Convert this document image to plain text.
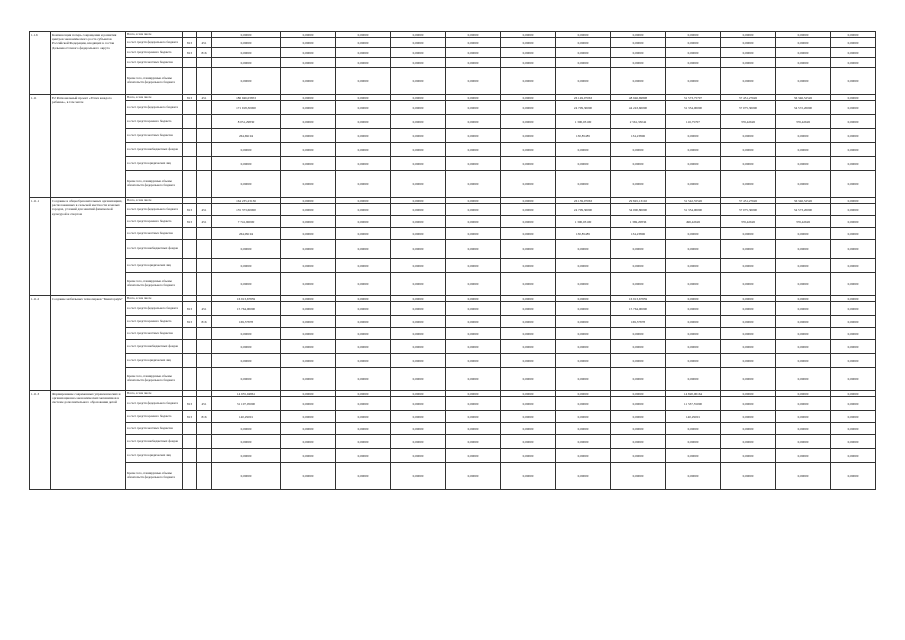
1.1.6	Компенсация потерь сокращения и развития центров экономического роста субъектов Российской Федерации, входящих в состав Дальневосточного федерального округа	Всего, в том числе			0,00000	0,00000	0,00000	0,00000	0,00000	0,00000	0,00000	0,00000	0,00000	0,00000	0,00000	0,00000
		за счет средств федерального бюджета	813	451	0,00000	0,00000	0,00000	0,00000	0,00000	0,00000	0,00000	0,00000	0,00000	0,00000	0,00000	0,00000
		за счет средств краевого бюджета	813	816	0,00000	0,00000	0,00000	0,00000	0,00000	0,00000	0,00000	0,00000	0,00000	0,00000	0,00000	0,00000
		за счет средств местных бюджетов			0,00000	0,00000	0,00000	0,00000	0,00000	0,00000	0,00000	0,00000	0,00000	0,00000	0,00000	0,00000
		Кроме того, планируемые объемы обязательств федерального бюджета			0,00000	0,00000	0,00000	0,00000	0,00000	0,00000	0,00000	0,00000	0,00000	0,00000	0,00000	0,00000
1.11	E2 Региональный проект «Успех каждого ребенка», в том числе	Всего, в том числе	813	451	186 946,03853	0,00000	0,00000	0,00000	0,00000	0,00000	26 149,07063	48 946,69808	31 573,75707	37 451,27626	36 346,52526	0,00000
		за счет средств федерального бюджета			171 918,30000	0,00000	0,00000	0,00000	0,00000	0,00000	24 709,30000	44 243,60000	31 354,00000	37 075,30000	34 572,20000	0,00000
		за счет средств краевого бюджета			8 051,29830	0,00000	0,00000	0,00000	0,00000	0,00000	1 300,03100	2 561,33042	116,75707	376,42626	376,42626	0,00000
		за счет средств местных бюджетов			264,69194	0,00000	0,00000	0,00000	0,00000	0,00000	130,85485	134,23806	0,00000	0,00000	0,00000	0,00000
		за счет средств внебюджетных фондов			0,00000	0,00000	0,00000	0,00000	0,00000	0,00000	0,00000	0,00000	0,00000	0,00000	0,00000	0,00000
		за счет средств юридических лиц			0,00000	0,00000	0,00000	0,00000	0,00000	0,00000	0,00000	0,00000	0,00000	0,00000	0,00000	0,00000
		Кроме того, планируемые объемы обязательств федерального бюджета			0,00000	0,00000	0,00000	0,00000	0,00000	0,00000	0,00000	0,00000	0,00000	0,00000	0,00000	0,00000
1.11.1	Создание в общеобразовательных организациях, расположенных в сельской местности и малых городах, условий для занятий физической культурой и спортом	Всего, в том числе			164 235,23136	0,00000	0,00000	0,00000	0,00000	0,00000	26 139,07063	29 845,13102	31 542,55526	37 451,27626	36 346,52526	0,00000
		за счет средств федерального бюджета	813	451	155 373,60000	0,00000	0,00000	0,00000	0,00000	0,00000	24 709,30000	34 000,80000	31 354,00000	37 075,30000	34 573,20000	0,00000
		за счет средств краевого бюджета	813	451	7 741,90000	0,00000	0,00000	0,00000	0,00000	0,00000	1 300,03100	1 369,20836	496,42626	376,42626	376,42626	0,00000
		за счет средств местных бюджетов			264,09194	0,00000	0,00000	0,00000	0,00000	0,00000	130,85485	134,23806	0,00000	0,00000	0,00000	0,00000
		за счет средств внебюджетных фондов			0,00000	0,00000	0,00000	0,00000	0,00000	0,00000	0,00000	0,00000	0,00000	0,00000	0,00000	0,00000
		за счет средств юридических лиц			0,00000	0,00000	0,00000	0,00000	0,00000	0,00000	0,00000	0,00000	0,00000	0,00000	0,00000	0,00000
		Кроме того, планируемые объемы обязательств федерального бюджета			0,00000	0,00000	0,00000	0,00000	0,00000	0,00000	0,00000	0,00000	0,00000	0,00000	0,00000	0,00000
1.11.2	Создание мобильных технопарков "Кванториум"	Всего, в том числе			16 913,67859	0,00000	0,00000	0,00000	0,00000	0,00000	0,00000	16 913,67859	0,00000	0,00000	0,00000	0,00000
		за счет средств федерального бюджета	813	451	15 764,00000	0,00000	0,00000	0,00000	0,00000	0,00000	0,00000	15 764,00000	0,00000	0,00000	0,00000	0,00000
		за счет средств краевого бюджета	813	816	169,37878	0,00000	0,00000	0,00000	0,00000	0,00000	0,00000	169,37878	0,00000	0,00000	0,00000	0,00000
		за счет средств местных бюджетов			0,00000	0,00000	0,00000	0,00000	0,00000	0,00000	0,00000	0,00000	0,00000	0,00000	0,00000	0,00000
		за счет средств внебюджетных фондов			0,00000	0,00000	0,00000	0,00000	0,00000	0,00000	0,00000	0,00000	0,00000	0,00000	0,00000	0,00000
		за счет средств юридических лиц			0,00000	0,00000	0,00000	0,00000	0,00000	0,00000	0,00000	0,00000	0,00000	0,00000	0,00000	0,00000
		Кроме того, планируемые объемы обязательств федерального бюджета			0,00000	0,00000	0,00000	0,00000	0,00000	0,00000	0,00000	0,00000	0,00000	0,00000	0,00000	0,00000
1.11.3	Формирование современных управленческих и организационно-экономических механизмов в системе дополнительного образования детей	Всего, в том числе			14 955,04861	0,00000	0,00000	0,00000	0,00000	0,00000	0,00000	0,00000	14 820,00164	0,00000	0,00000	0,00000
		за счет средств федерального бюджета	813	451	31 107,05000	0,00000	0,00000	0,00000	0,00000	0,00000	0,00000	0,00000	11 537,55000	0,00000	0,00000	0,00000
		за счет средств краевого бюджета	813	816	140,29001	0,00000	0,00000	0,00000	0,00000	0,00000	0,00000	0,00000	140,29001	0,00000	0,00000	0,00000
		за счет средств местных бюджетов			0,00000	0,00000	0,00000	0,00000	0,00000	0,00000	0,00000	0,00000	0,00000	0,00000	0,00000	0,00000
		за счет средств внебюджетных фондов			0,00000	0,00000	0,00000	0,00000	0,00000	0,00000	0,00000	0,00000	0,00000	0,00000	0,00000	0,00000
		за счет средств юридических лиц			0,00000	0,00000	0,00000	0,00000	0,00000	0,00000	0,00000	0,00000	0,00000	0,00000	0,00000	0,00000
		Кроме того, планируемые объемы обязательств федерального бюджета			0,00000	0,00000	0,00000	0,00000	0,00000	0,00000	0,00000	0,00000	0,00000	0,00000	0,00000	0,00000
